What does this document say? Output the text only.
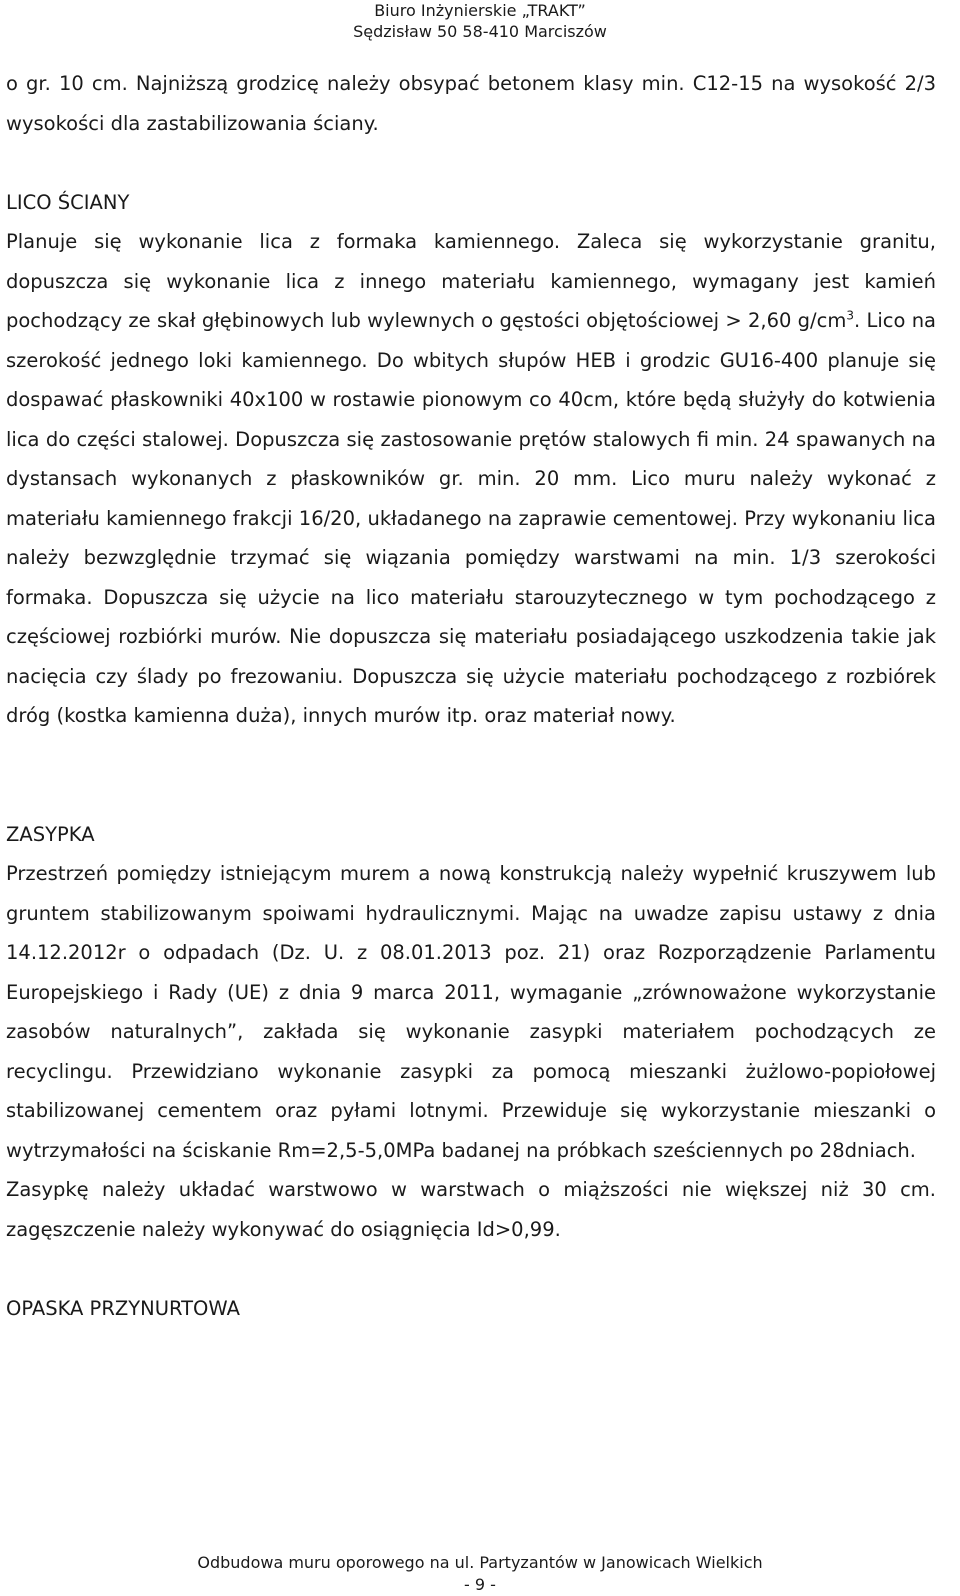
Biuro Inżynierskie „TRAKT”
Sędzisław 50 58-410 Marciszów

o gr. 10 cm. Najniższą grodzicę należy obsypać betonem klasy min. C12-15 na wysokość 2/3 wysokości dla zastabilizowania ściany.

LICO ŚCIANY

Planuje się wykonanie lica z formaka kamiennego. Zaleca się wykorzystanie granitu, dopuszcza się wykonanie lica z innego materiału kamiennego, wymagany jest kamień pochodzący ze skał głębinowych lub wylewnych o gęstości objętościowej > 2,60 $g/cm^3$. Lico na szerokość jednego loki kamiennego. Do wbitych słupów HEB i grodzic GU16-400 planuje się dospawać płaskowniki 40x100 w rostawie pionowym co 40cm, które będą służyły do kotwienia lica do części stalowej. Dopuszcza się zastosowanie prętów stalowych fi min. 24 spawanych na dystansach wykonanych z płaskowników gr. min. 20 mm. Lico muru należy wykonać z materiału kamiennego frakcji 16/20, układanego na zaprawie cementowej. Przy wykonaniu lica należy bezwzględnie trzymać się wiązania pomiędzy warstwami na min. 1/3 szerokości formaka. Dopuszcza się użycie na lico materiału starouzytecznego w tym pochodzącego z częściowej rozbiórki murów. Nie dopuszcza się materiału posiadającego uszkodzenia takie jak nacięcia czy ślady po frezowaniu. Dopuszcza się użycie materiału pochodzącego z rozbiórek dróg (kostka kamienna duża), innych murów itp. oraz materiał nowy.

ZASYPKA

Przestrzeń pomiędzy istniejącym murem a nową konstrukcją należy wypełnić kruszywem lub gruntem stabilizowanym spoiwami hydraulicznymi. Mając na uwadze zapisu ustawy z dnia 14.12.2012r o odpadach (Dz. U. z 08.01.2013 poz. 21) oraz Rozporządzenie Parlamentu Europejskiego i Rady (UE) z dnia 9 marca 2011, wymaganie „zrównoważone wykorzystanie zasobów naturalnych”, zakłada się wykonanie zasypki materiałem pochodzących ze recyclingu. Przewidziano wykonanie zasypki za pomocą mieszanki żużlowo-popiołowej stabilizowanej cementem oraz pyłami lotnymi. Przewiduje się wykorzystanie mieszanki o wytrzymałości na ściskanie Rm=2,5-5,0MPa badanej na próbkach sześciennych po 28dniach.

Zasypkę należy układać warstwowo w warstwach o miąższości nie większej niż 30 cm. zagęszczenie należy wykonywać do osiągnięcia Id>0,99.

OPASKA PRZYNURTOWA

Odbudowa muru oporowego na ul. Partyzantów w Janowicach Wielkich
- 9 -
